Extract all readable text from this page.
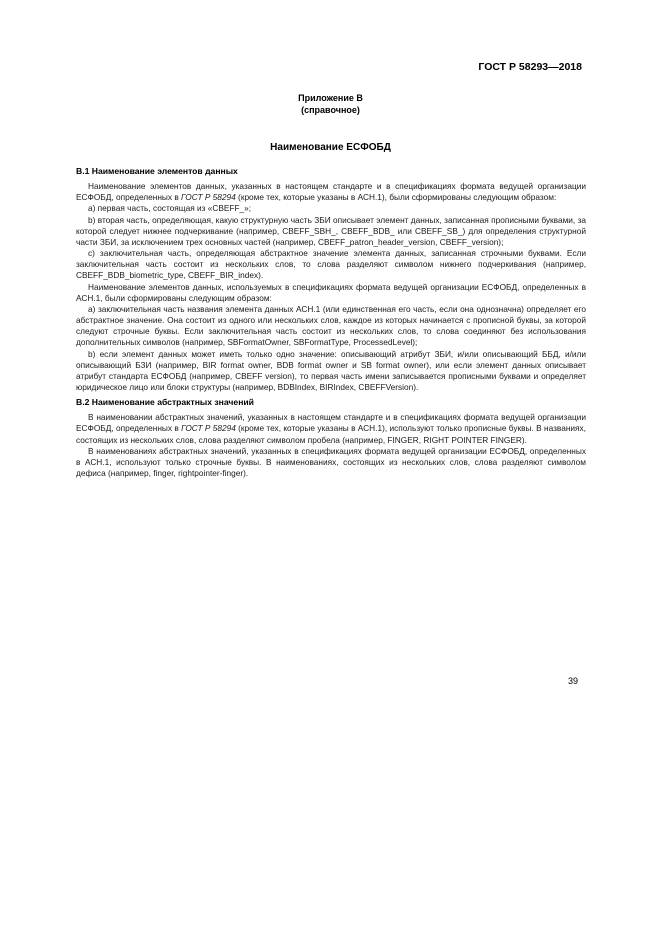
ГОСТ Р 58293—2018
Приложение В
(справочное)
Наименование ЕСФОБД
В.1 Наименование элементов данных

Наименование элементов данных, указанных в настоящем стандарте и в спецификациях формата ведущей организации ЕСФОБД, определенных в ГОСТ Р 58294 (кроме тех, которые указаны в АСН.1), были сформированы следующим образом:

a) первая часть, состоящая из «CBEFF_»;

b) вторая часть, определяющая, какую структурную часть ЗБИ описывает элемент данных, записанная прописными буквами, за которой следует нижнее подчеркивание (например, CBEFF_SBH_, CBEFF_BDB_ или CBEFF_SB_) для определения структурной части ЗБИ, за исключением трех основных частей (например, CBEFF_patron_header_version, CBEFF_version);

c) заключительная часть, определяющая абстрактное значение элемента данных, записанная строчными буквами. Если заключительная часть состоит из нескольких слов, то слова разделяют символом нижнего подчеркивания (например, CBEFF_BDB_biometric_type, CBEFF_BIR_index).

Наименование элементов данных, используемых в спецификациях формата ведущей организации ЕСФОБД, определенных в АСН.1, были сформированы следующим образом:

a) заключительная часть названия элемента данных АСН.1 (или единственная его часть, если она однозначна) определяет его абстрактное значение. Она состоит из одного или нескольких слов, каждое из которых начинается с прописной буквы, за которой следуют строчные буквы. Если заключительная часть состоит из нескольких слов, то слова соединяют без использования дополнительных символов (например, SBFormatOwner, SBFormatType, ProcessedLevel);

b) если элемент данных может иметь только одно значение: описывающий атрибут ЗБИ, и/или описывающий ББД, и/или описывающий БЗИ (например, BIR format owner, BDB format owner и SB format owner), или если элемент данных описывает атрибут стандарта ЕСФОБД (например, CBEFF version), то первая часть имени записывается прописными буквами и определяет юридическое лицо или блоки структуры (например, BDBIndex, BIRIndex, CBEFFVersion).

В.2 Наименование абстрактных значений

В наименовании абстрактных значений, указанных в настоящем стандарте и в спецификациях формата ведущей организации ЕСФОБД, определенных в ГОСТ Р 58294 (кроме тех, которые указаны в АСН.1), используют только прописные буквы. В названиях, состоящих из нескольких слов, слова разделяют символом пробела (например, FINGER, RIGHT POINTER FINGER).

В наименованиях абстрактных значений, указанных в спецификациях формата ведущей организации ЕСФОБД, определенных в АСН.1, используют только строчные буквы. В наименованиях, состоящих из нескольких слов, слова разделяют символом дефиса (например, finger, rightpointer-finger).

39
